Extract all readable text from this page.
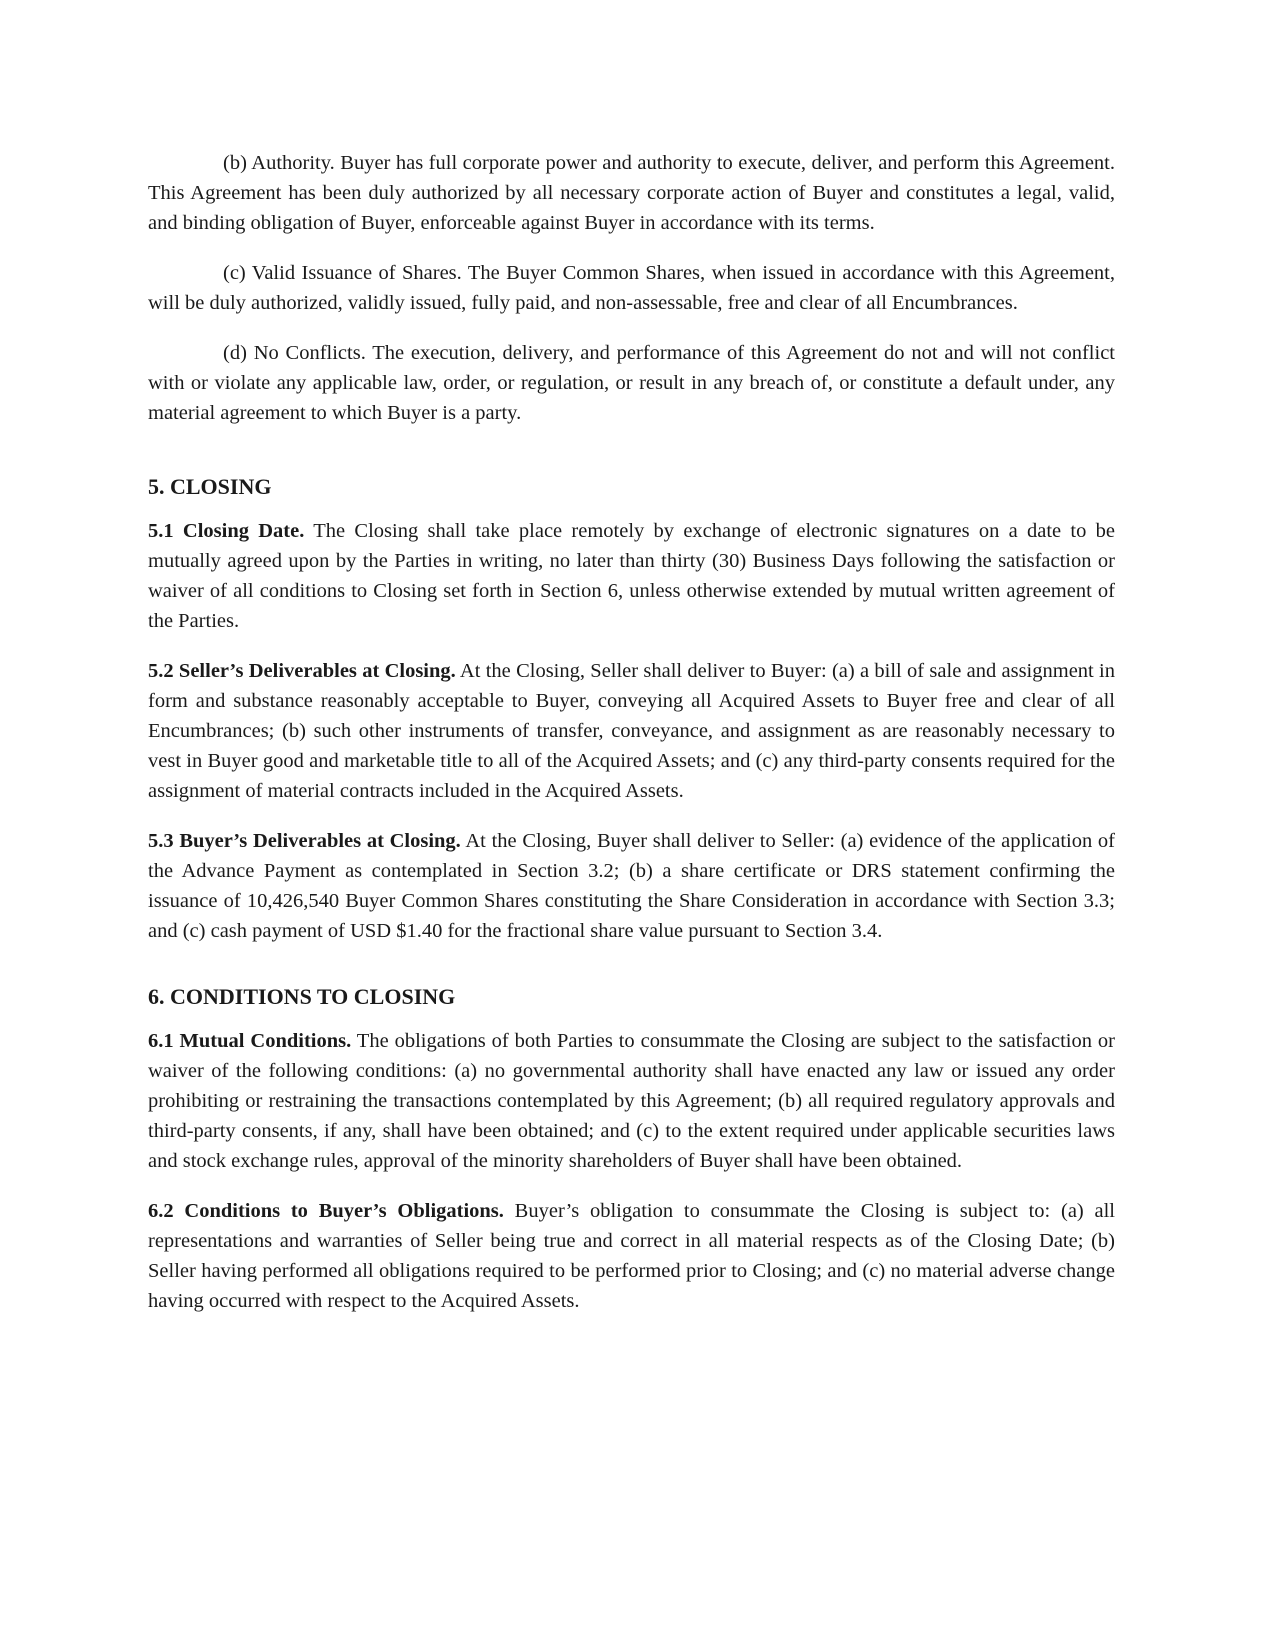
(b) Authority. Buyer has full corporate power and authority to execute, deliver, and perform this Agreement. This Agreement has been duly authorized by all necessary corporate action of Buyer and constitutes a legal, valid, and binding obligation of Buyer, enforceable against Buyer in accordance with its terms.

(c) Valid Issuance of Shares. The Buyer Common Shares, when issued in accordance with this Agreement, will be duly authorized, validly issued, fully paid, and non-assessable, free and clear of all Encumbrances.

(d) No Conflicts. The execution, delivery, and performance of this Agreement do not and will not conflict with or violate any applicable law, order, or regulation, or result in any breach of, or constitute a default under, any material agreement to which Buyer is a party.

5. CLOSING

5.1 Closing Date. The Closing shall take place remotely by exchange of electronic signatures on a date to be mutually agreed upon by the Parties in writing, no later than thirty (30) Business Days following the satisfaction or waiver of all conditions to Closing set forth in Section 6, unless otherwise extended by mutual written agreement of the Parties.

5.2 Seller’s Deliverables at Closing. At the Closing, Seller shall deliver to Buyer: (a) a bill of sale and assignment in form and substance reasonably acceptable to Buyer, conveying all Acquired Assets to Buyer free and clear of all Encumbrances; (b) such other instruments of transfer, conveyance, and assignment as are reasonably necessary to vest in Buyer good and marketable title to all of the Acquired Assets; and (c) any third-party consents required for the assignment of material contracts included in the Acquired Assets.

5.3 Buyer’s Deliverables at Closing. At the Closing, Buyer shall deliver to Seller: (a) evidence of the application of the Advance Payment as contemplated in Section 3.2; (b) a share certificate or DRS statement confirming the issuance of 10,426,540 Buyer Common Shares constituting the Share Consideration in accordance with Section 3.3; and (c) cash payment of USD $1.40 for the fractional share value pursuant to Section 3.4.

6. CONDITIONS TO CLOSING

6.1 Mutual Conditions. The obligations of both Parties to consummate the Closing are subject to the satisfaction or waiver of the following conditions: (a) no governmental authority shall have enacted any law or issued any order prohibiting or restraining the transactions contemplated by this Agreement; (b) all required regulatory approvals and third-party consents, if any, shall have been obtained; and (c) to the extent required under applicable securities laws and stock exchange rules, approval of the minority shareholders of Buyer shall have been obtained.

6.2 Conditions to Buyer’s Obligations. Buyer’s obligation to consummate the Closing is subject to: (a) all representations and warranties of Seller being true and correct in all material respects as of the Closing Date; (b) Seller having performed all obligations required to be performed prior to Closing; and (c) no material adverse change having occurred with respect to the Acquired Assets.
